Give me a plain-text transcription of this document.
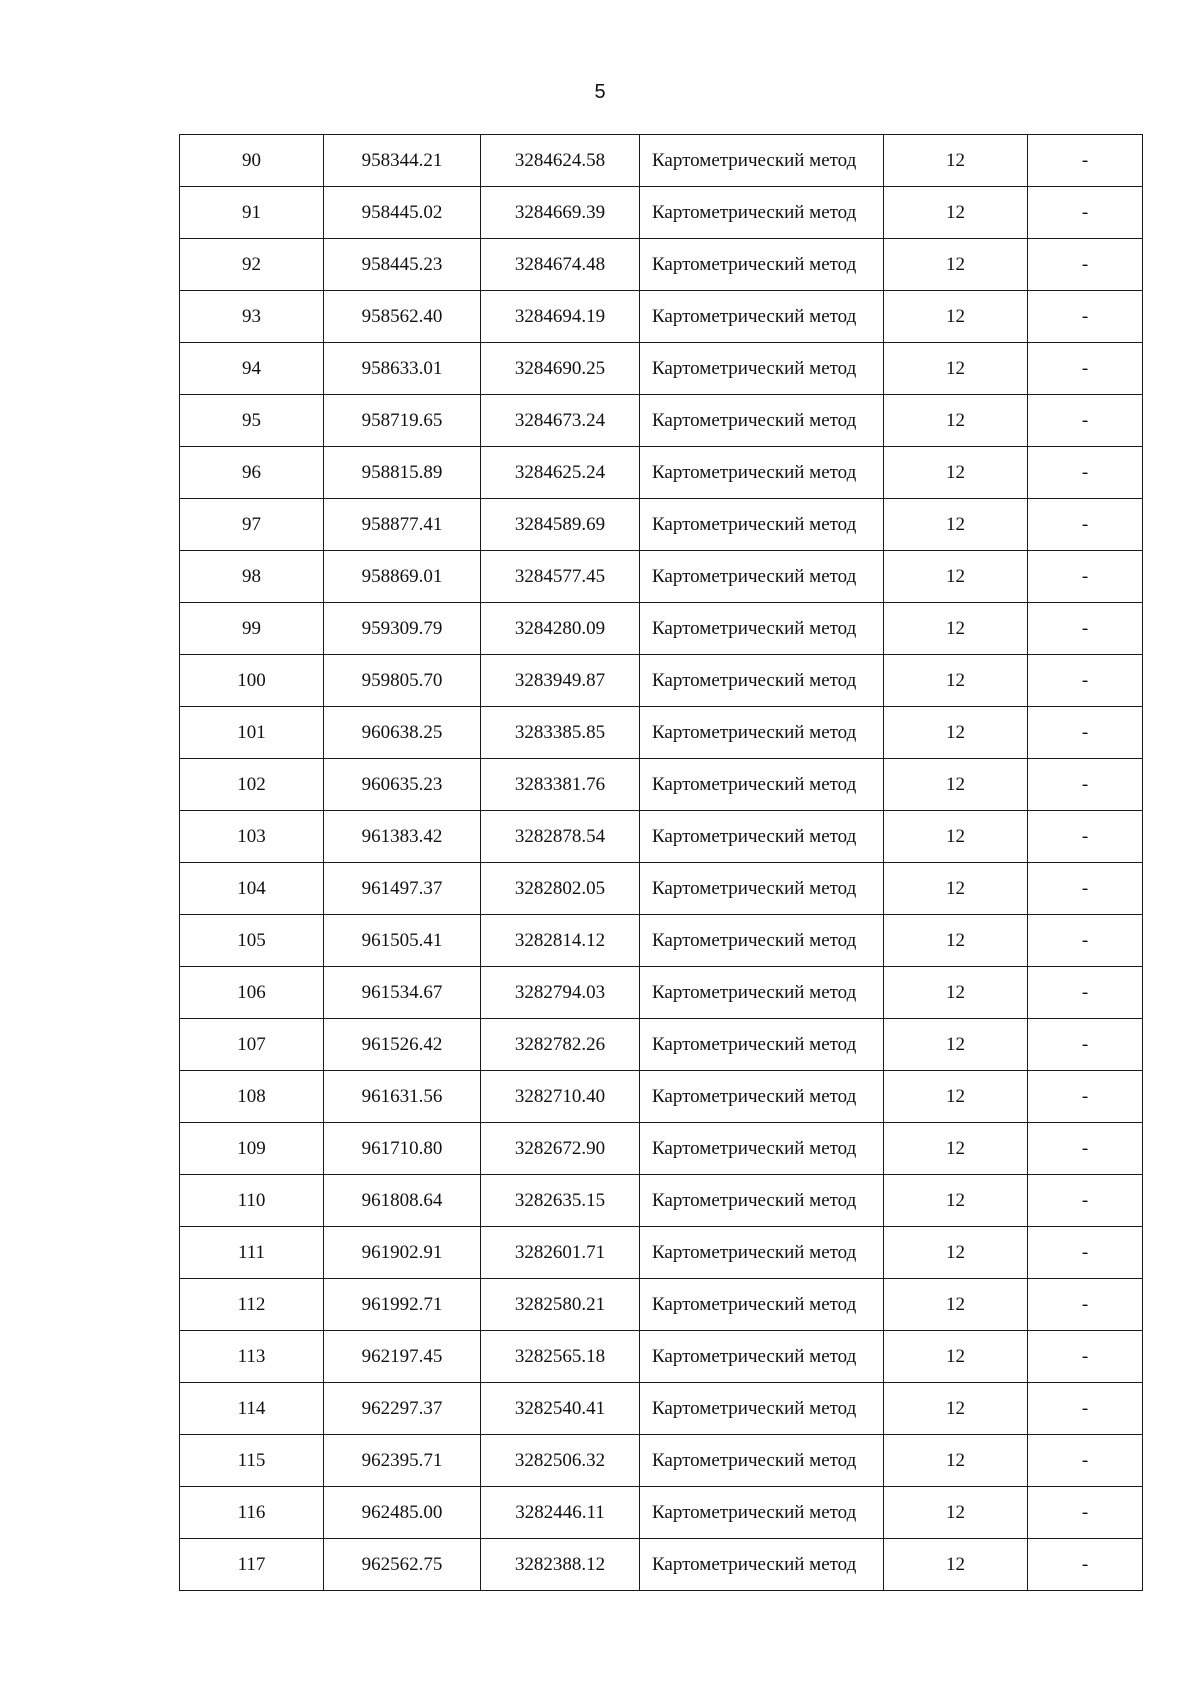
5
90	958344.21	3284624.58	Картометрический метод	12	-
91	958445.02	3284669.39	Картометрический метод	12	-
92	958445.23	3284674.48	Картометрический метод	12	-
93	958562.40	3284694.19	Картометрический метод	12	-
94	958633.01	3284690.25	Картометрический метод	12	-
95	958719.65	3284673.24	Картометрический метод	12	-
96	958815.89	3284625.24	Картометрический метод	12	-
97	958877.41	3284589.69	Картометрический метод	12	-
98	958869.01	3284577.45	Картометрический метод	12	-
99	959309.79	3284280.09	Картометрический метод	12	-
100	959805.70	3283949.87	Картометрический метод	12	-
101	960638.25	3283385.85	Картометрический метод	12	-
102	960635.23	3283381.76	Картометрический метод	12	-
103	961383.42	3282878.54	Картометрический метод	12	-
104	961497.37	3282802.05	Картометрический метод	12	-
105	961505.41	3282814.12	Картометрический метод	12	-
106	961534.67	3282794.03	Картометрический метод	12	-
107	961526.42	3282782.26	Картометрический метод	12	-
108	961631.56	3282710.40	Картометрический метод	12	-
109	961710.80	3282672.90	Картометрический метод	12	-
110	961808.64	3282635.15	Картометрический метод	12	-
111	961902.91	3282601.71	Картометрический метод	12	-
112	961992.71	3282580.21	Картометрический метод	12	-
113	962197.45	3282565.18	Картометрический метод	12	-
114	962297.37	3282540.41	Картометрический метод	12	-
115	962395.71	3282506.32	Картометрический метод	12	-
116	962485.00	3282446.11	Картометрический метод	12	-
117	962562.75	3282388.12	Картометрический метод	12	-
